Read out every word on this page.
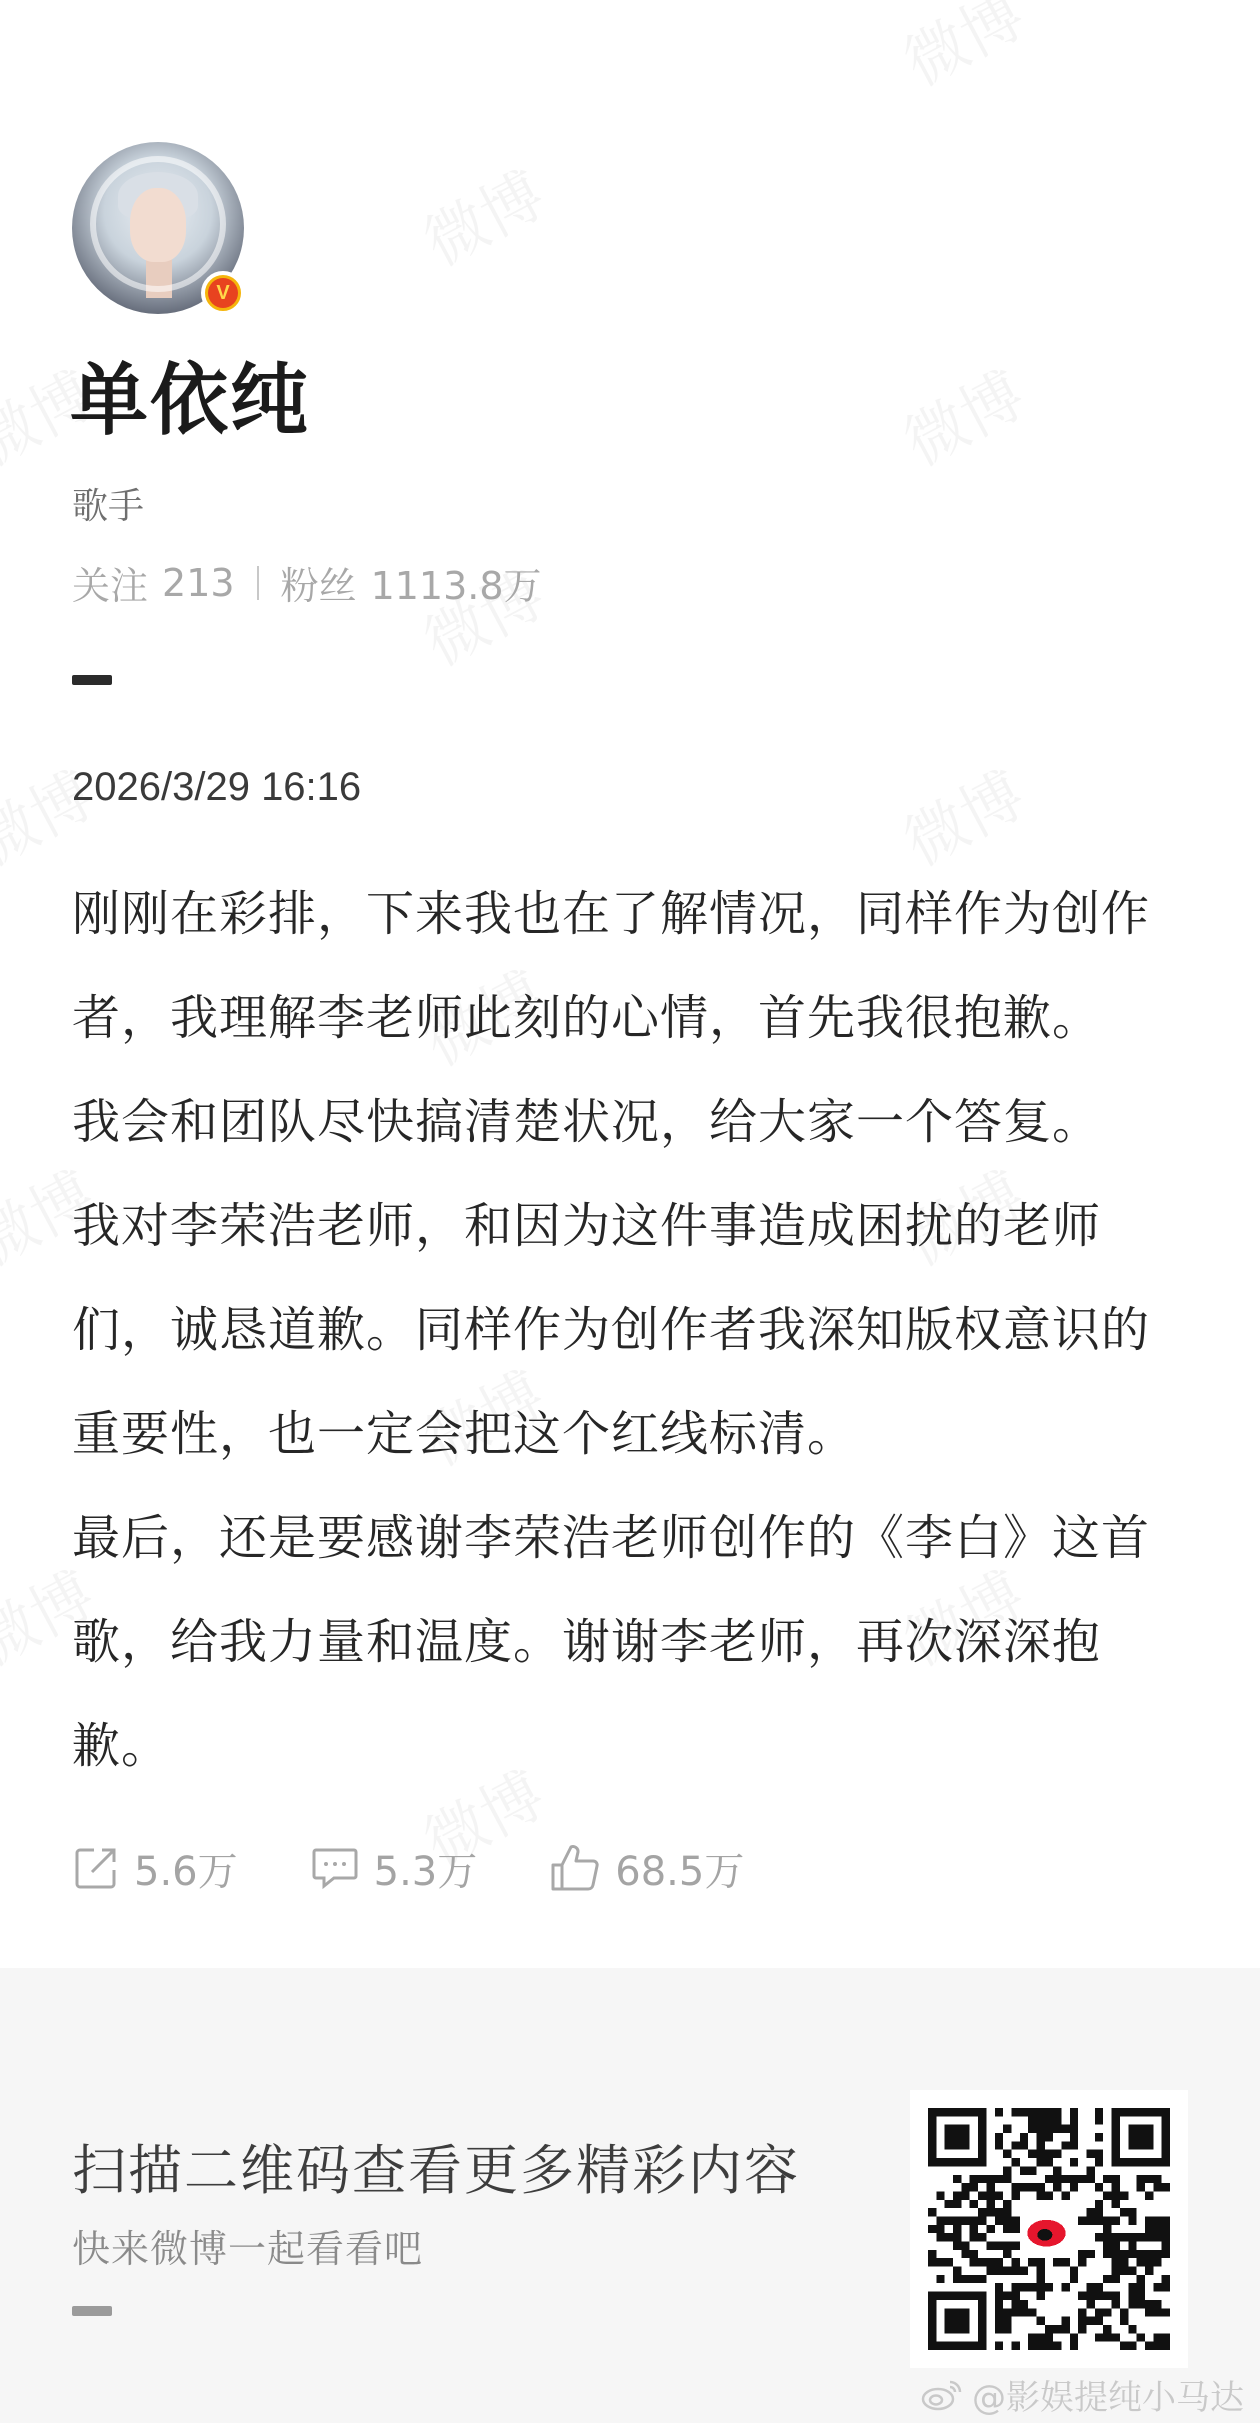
V
单依纯
歌手
关注 213 粉丝 1113.8万
2026/3/29 16:16

刚刚在彩排，下来我也在了解情况，同样作为创作者，我理解李老师此刻的心情，首先我很抱歉。

我会和团队尽快搞清楚状况，给大家一个答复。

我对李荣浩老师，和因为这件事造成困扰的老师们，诚恳道歉。同样作为创作者我深知版权意识的重要性，也一定会把这个红线标清。

最后，还是要感谢李荣浩老师创作的《李白》这首歌，给我力量和温度。谢谢李老师，再次深深抱歉。

5.6万	5.3万	68.5万
扫描二维码查看更多精彩内容
快来微博一起看看吧
@影娱提纯小马达
